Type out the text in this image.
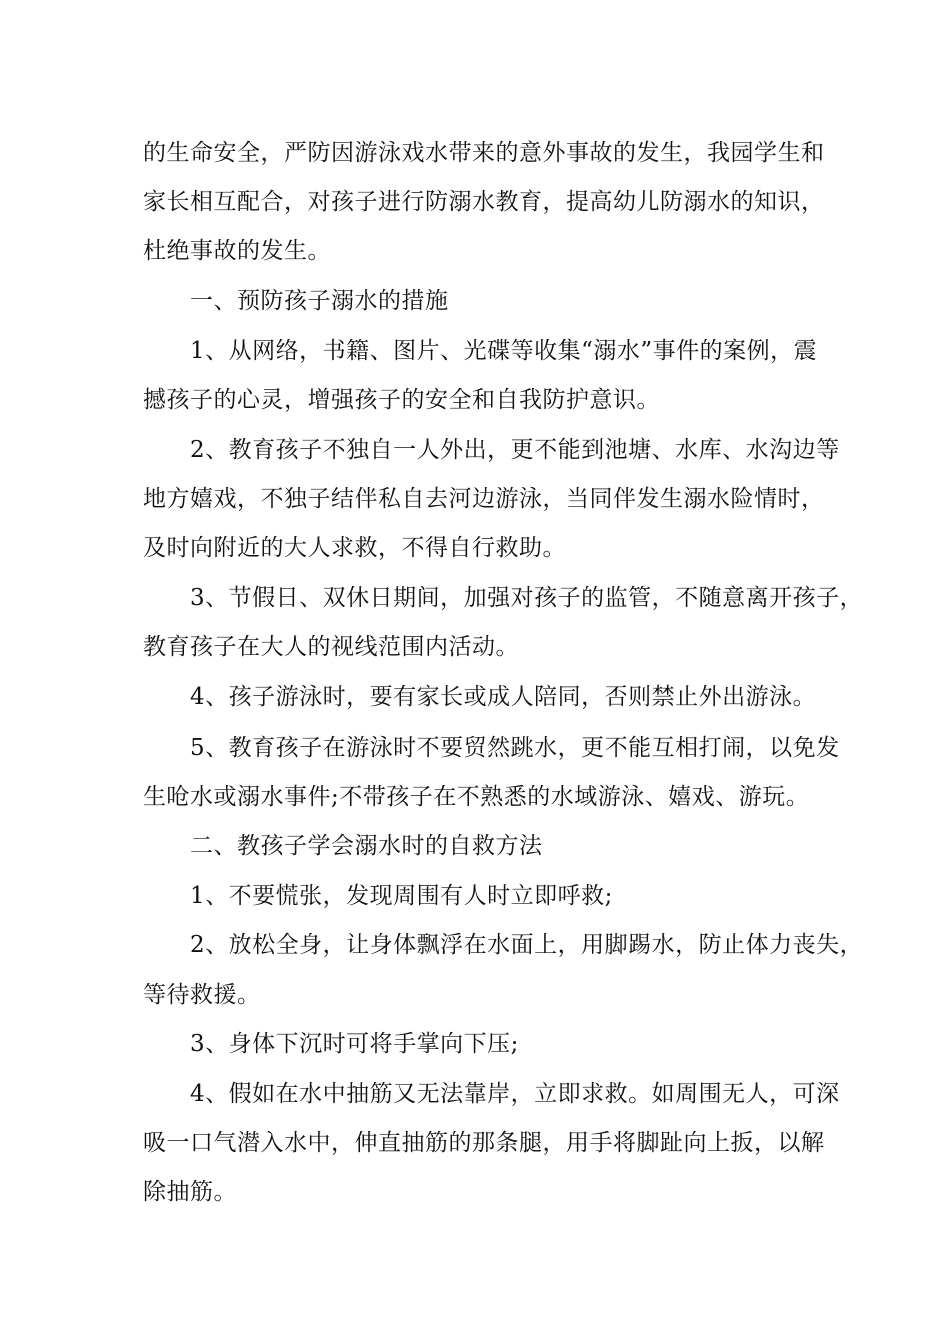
的生命安全，严防因游泳戏水带来的意外事故的发生，我园学生和
家长相互配合，对孩子进行防溺水教育，提高幼儿防溺水的知识，
杜绝事故的发生。
一、预防孩子溺水的措施
1、从网络，书籍、图片、光碟等收集“溺水”事件的案例，震
撼孩子的心灵，增强孩子的安全和自我防护意识。
2、教育孩子不独自一人外出，更不能到池塘、水库、水沟边等
地方嬉戏，不独子结伴私自去河边游泳，当同伴发生溺水险情时，
及时向附近的大人求救，不得自行救助。
3、节假日、双休日期间，加强对孩子的监管，不随意离开孩子，
教育孩子在大人的视线范围内活动。
4、孩子游泳时，要有家长或成人陪同，否则禁止外出游泳。
5、教育孩子在游泳时不要贸然跳水，更不能互相打闹，以免发
生呛水或溺水事件;不带孩子在不熟悉的水域游泳、嬉戏、游玩。
二、教孩子学会溺水时的自救方法
1、不要慌张，发现周围有人时立即呼救;
2、放松全身，让身体飘浮在水面上，用脚踢水，防止体力丧失，
等待救援。
3、身体下沉时可将手掌向下压;
4、假如在水中抽筋又无法靠岸，立即求救。如周围无人，可深
吸一口气潜入水中，伸直抽筋的那条腿，用手将脚趾向上扳，以解
除抽筋。
